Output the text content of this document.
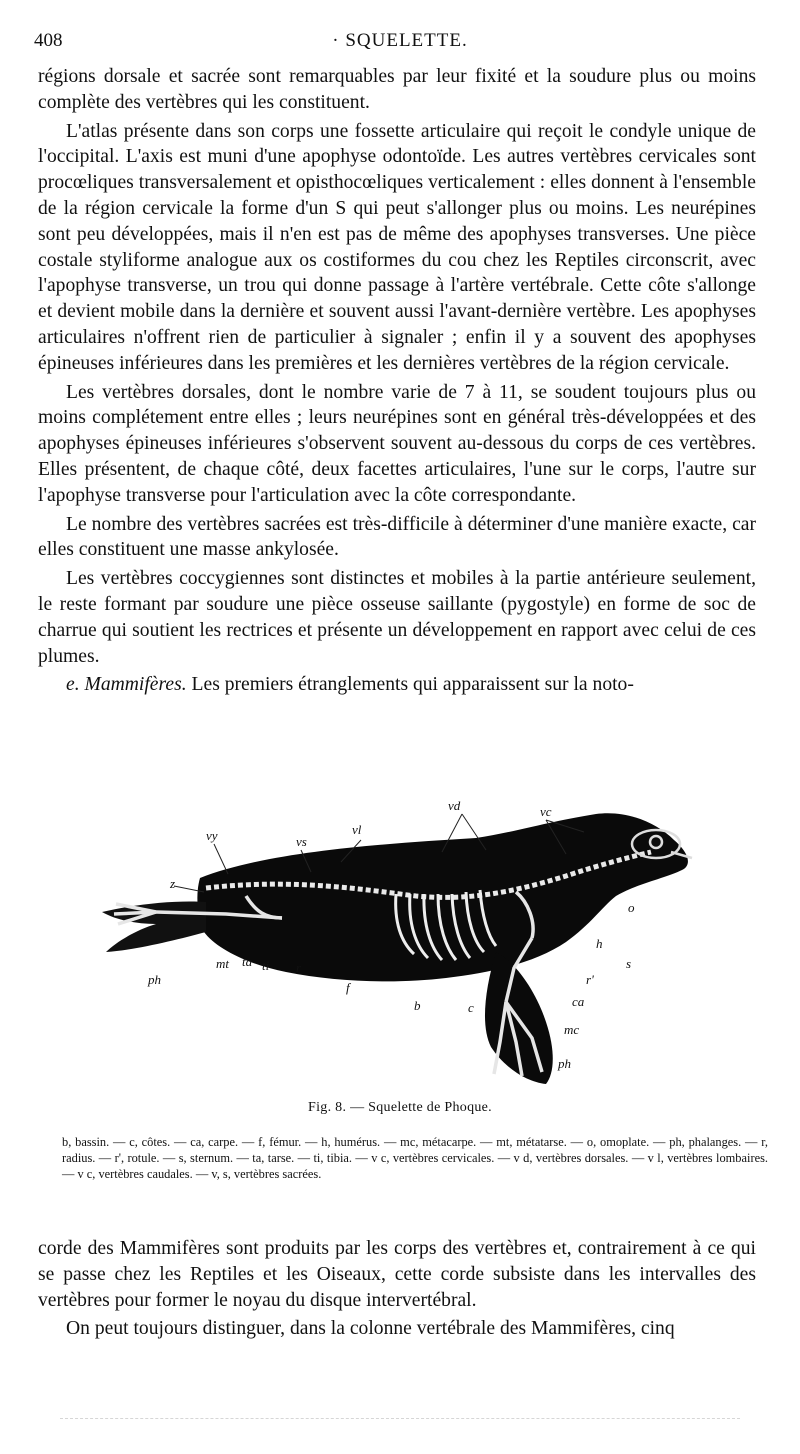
408	· SQUELETTE.

régions dorsale et sacrée sont remarquables par leur fixité et la soudure plus ou moins complète des vertèbres qui les constituent.

L'atlas présente dans son corps une fossette articulaire qui reçoit le condyle unique de l'occipital. L'axis est muni d'une apophyse odontoïde. Les autres vertèbres cervicales sont procœliques transversalement et opisthocœliques verticalement : elles donnent à l'ensemble de la région cervicale la forme d'un S qui peut s'allonger plus ou moins. Les neurépines sont peu développées, mais il n'en est pas de même des apophyses transverses. Une pièce costale styliforme analogue aux os costiformes du cou chez les Reptiles circonscrit, avec l'apophyse transverse, un trou qui donne passage à l'artère vertébrale. Cette côte s'allonge et devient mobile dans la dernière et souvent aussi l'avant-dernière vertèbre. Les apophyses articulaires n'offrent rien de particulier à signaler ; enfin il y a souvent des apophyses épineuses inférieures dans les premières et les dernières vertèbres de la région cervicale.

Les vertèbres dorsales, dont le nombre varie de 7 à 11, se soudent toujours plus ou moins complétement entre elles ; leurs neurépines sont en général très-développées et des apophyses épineuses inférieures s'observent souvent au-dessous du corps de ces vertèbres. Elles présentent, de chaque côté, deux facettes articulaires, l'une sur le corps, l'autre sur l'apophyse transverse pour l'articulation avec la côte correspondante.

Le nombre des vertèbres sacrées est très-difficile à déterminer d'une manière exacte, car elles constituent une masse ankylosée.

Les vertèbres coccygiennes sont distinctes et mobiles à la partie antérieure seulement, le reste formant par soudure une pièce osseuse saillante (pygostyle) en forme de soc de charrue qui soutient les rectrices et présente un développement en rapport avec celui de ces plumes.

e. Mammifères. Les premiers étranglements qui apparaissent sur la noto-

vd	vc
vl
vs
vy
z
mt ta ti r
f
b	c
o
h
s
r'
ca
mc
ph
ph
Fig. 8. — Squelette de Phoque.
b, bassin. — c, côtes. — ca, carpe. — f, fémur. — h, humérus. — mc, métacarpe. — mt, métatarse. — o, omoplate. — ph, phalanges. — r, radius. — r', rotule. — s, sternum. — ta, tarse. — ti, tibia. — v c, vertèbres cervicales. — v d, vertèbres dorsales. — v l, vertèbres lombaires. — v c, vertèbres caudales. — v, s, vertèbres sacrées.

corde des Mammifères sont produits par les corps des vertèbres et, contrairement à ce qui se passe chez les Reptiles et les Oiseaux, cette corde subsiste dans les intervalles des vertèbres pour former le noyau du disque intervertébral.

On peut toujours distinguer, dans la colonne vertébrale des Mammifères, cinq
